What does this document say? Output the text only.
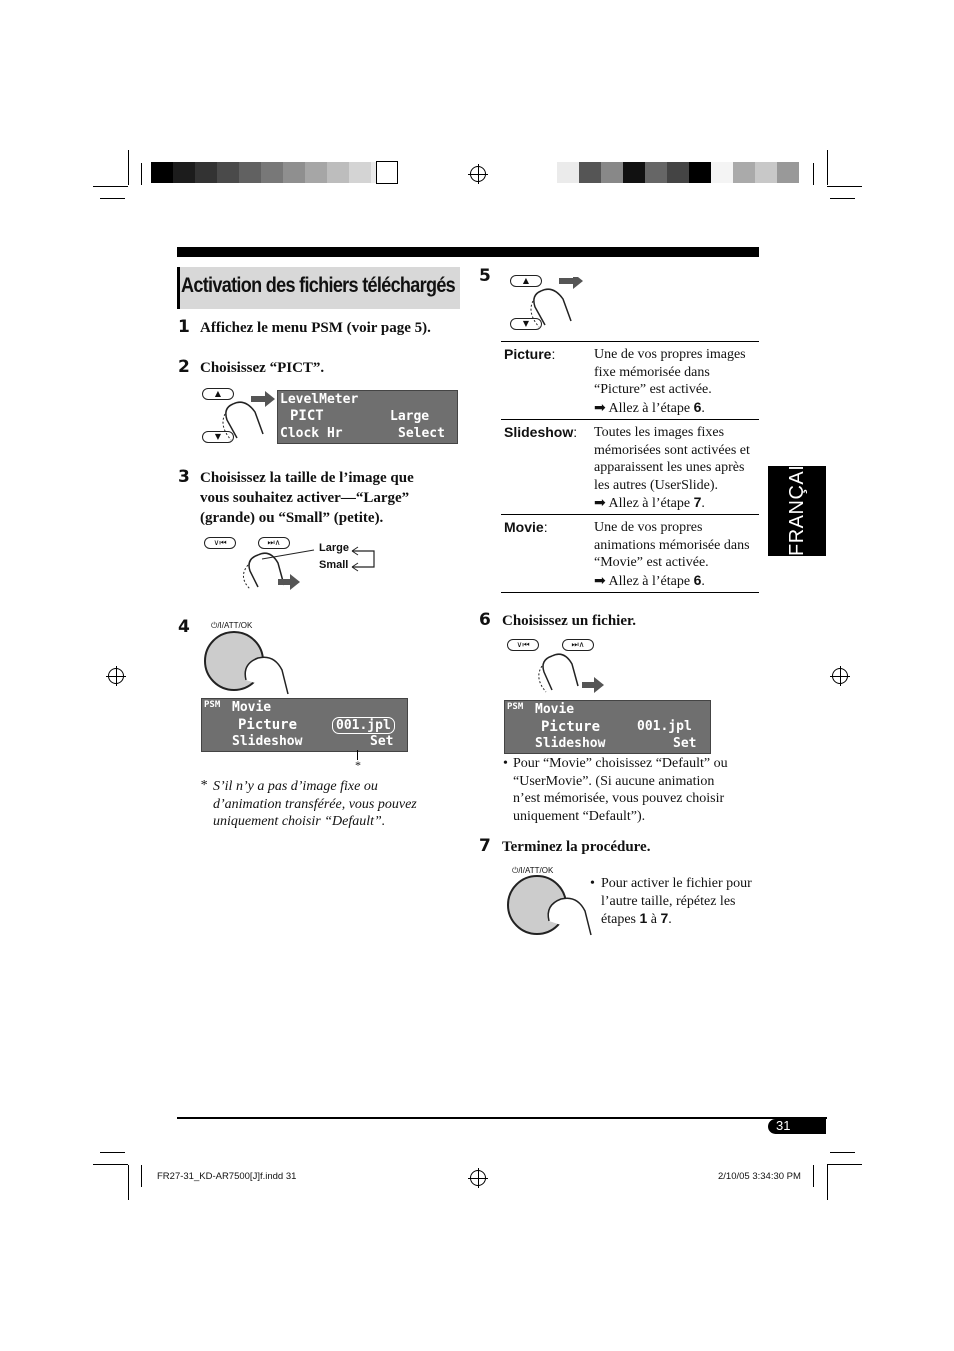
Activation des fichiers téléchargés
FRANÇAIS
1 Affichez le menu PSM (voir page 5).
2 Choisissez “PICT”.
▲
▼
LevelMeter
PICT
Clock Hr
Large
Select
3 Choisissez la taille de l’image que vous souhaitez activer—“Large” (grande) ou “Small” (petite).
∨⏮	⏭∧	Large
Small
4	⏻/I/ATT/OK
PSM Movie
Picture
Slideshow
001.jpl
Set
*
* S’il n’y a pas d’image fixe ou d’animation transférée, vous pouvez uniquement choisir “Default”.
5	▲
▼
Picture:	Une de vos propres images fixe mémorisée dans “Picture” est activée.
➡ Allez à l’étape 6.
Slideshow: Toutes les images fixes mémorisées sont activées et apparaissent les unes après les autres (UserSlide).
➡ Allez à l’étape 7.
Movie:	Une de vos propres animations mémorisée dans “Movie” est activée.
➡ Allez à l’étape 6.
6 Choisissez un fichier.
∨⏮	⏭∧
PSM Movie
Picture
Slideshow
001.jpl
Set
• Pour “Movie” choisissez “Default” ou “UserMovie”. (Si aucune animation n’est mémorisée, vous pouvez choisir uniquement “Default”).
7 Terminez la procédure.
⏻/I/ATT/OK
• Pour activer le fichier pour l’autre taille, répétez les étapes 1 à 7.
31
FR27-31_KD-AR7500[J]f.indd 31	2/10/05 3:34:30 PM
